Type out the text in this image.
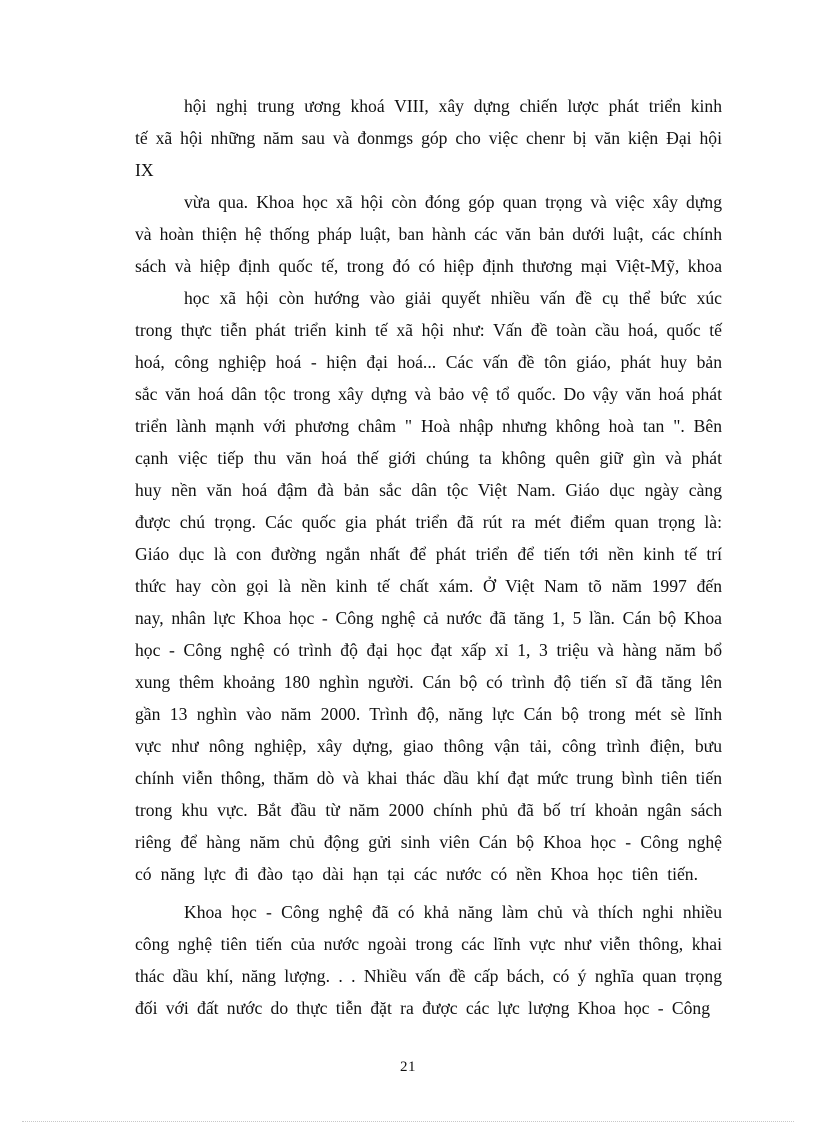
hội nghị trung ương khoá VIII, xây dựng chiến lược phát triển kinh
tế xã hội những năm sau và đonmgs góp cho việc chenr bị văn kiện Đại hội
IX
vừa qua. Khoa học xã hội còn đóng góp quan trọng và việc xây dựng
và hoàn thiện hệ thống pháp luật, ban hành các văn bản dưới luật, các chính
sách và hiệp định quốc tế, trong đó có hiệp định thương mại Việt-Mỹ, khoa
học xã hội còn hướng vào giải quyết nhiều vấn đề cụ thể bức xúc
trong thực tiễn phát triển kinh tế xã hội như: Vấn đề toàn cầu hoá, quốc tế
hoá, công nghiệp hoá - hiện đại hoá... Các vấn đề tôn giáo, phát huy bản
sắc văn hoá dân tộc trong xây dựng và bảo vệ tổ quốc. Do vậy văn hoá phát
triển lành mạnh với phương châm " Hoà nhập nhưng không hoà tan ". Bên
cạnh việc tiếp thu văn hoá thế giới chúng ta không quên giữ gìn và phát
huy nền văn hoá đậm đà bản sắc dân tộc Việt Nam. Giáo dục ngày càng
được chú trọng. Các quốc gia phát triển đã rút ra mét điểm quan trọng là:
Giáo dục là con đường ngắn nhất để phát triển để tiến tới nền kinh tế trí
thức hay còn gọi là nền kinh tế chất xám. Ở Việt Nam tõ năm 1997 đến
nay, nhân lực Khoa học - Công nghệ cả nước đã tăng 1, 5 lần. Cán bộ Khoa
học - Công nghệ có trình độ đại học đạt xấp xỉ 1, 3 triệu và hàng năm bổ
xung thêm khoảng 180 nghìn người. Cán bộ có trình độ tiến sĩ đã tăng lên
gần 13 nghìn vào năm 2000. Trình độ, năng lực Cán bộ trong mét sè lĩnh
vực như nông nghiệp, xây dựng, giao thông vận tải, công trình điện, bưu
chính viễn thông, thăm dò và khai thác dầu khí đạt mức trung bình tiên tiến
trong khu vực. Bắt đầu từ năm 2000 chính phủ đã bố trí khoản ngân sách
riêng để hàng năm chủ động gửi sinh viên Cán bộ Khoa học - Công nghệ
có năng lực đi đào tạo dài hạn tại các nước có nền Khoa học tiên tiến.
Khoa học - Công nghệ đã có khả năng làm chủ và thích nghi nhiều
công nghệ tiên tiến của nước ngoài trong các lĩnh vực như viễn thông, khai
thác dầu khí, năng lượng. . . Nhiều vấn đề cấp bách, có ý nghĩa quan trọng
đối với đất nước do thực tiễn đặt ra được các lực lượng Khoa học - Công
21
